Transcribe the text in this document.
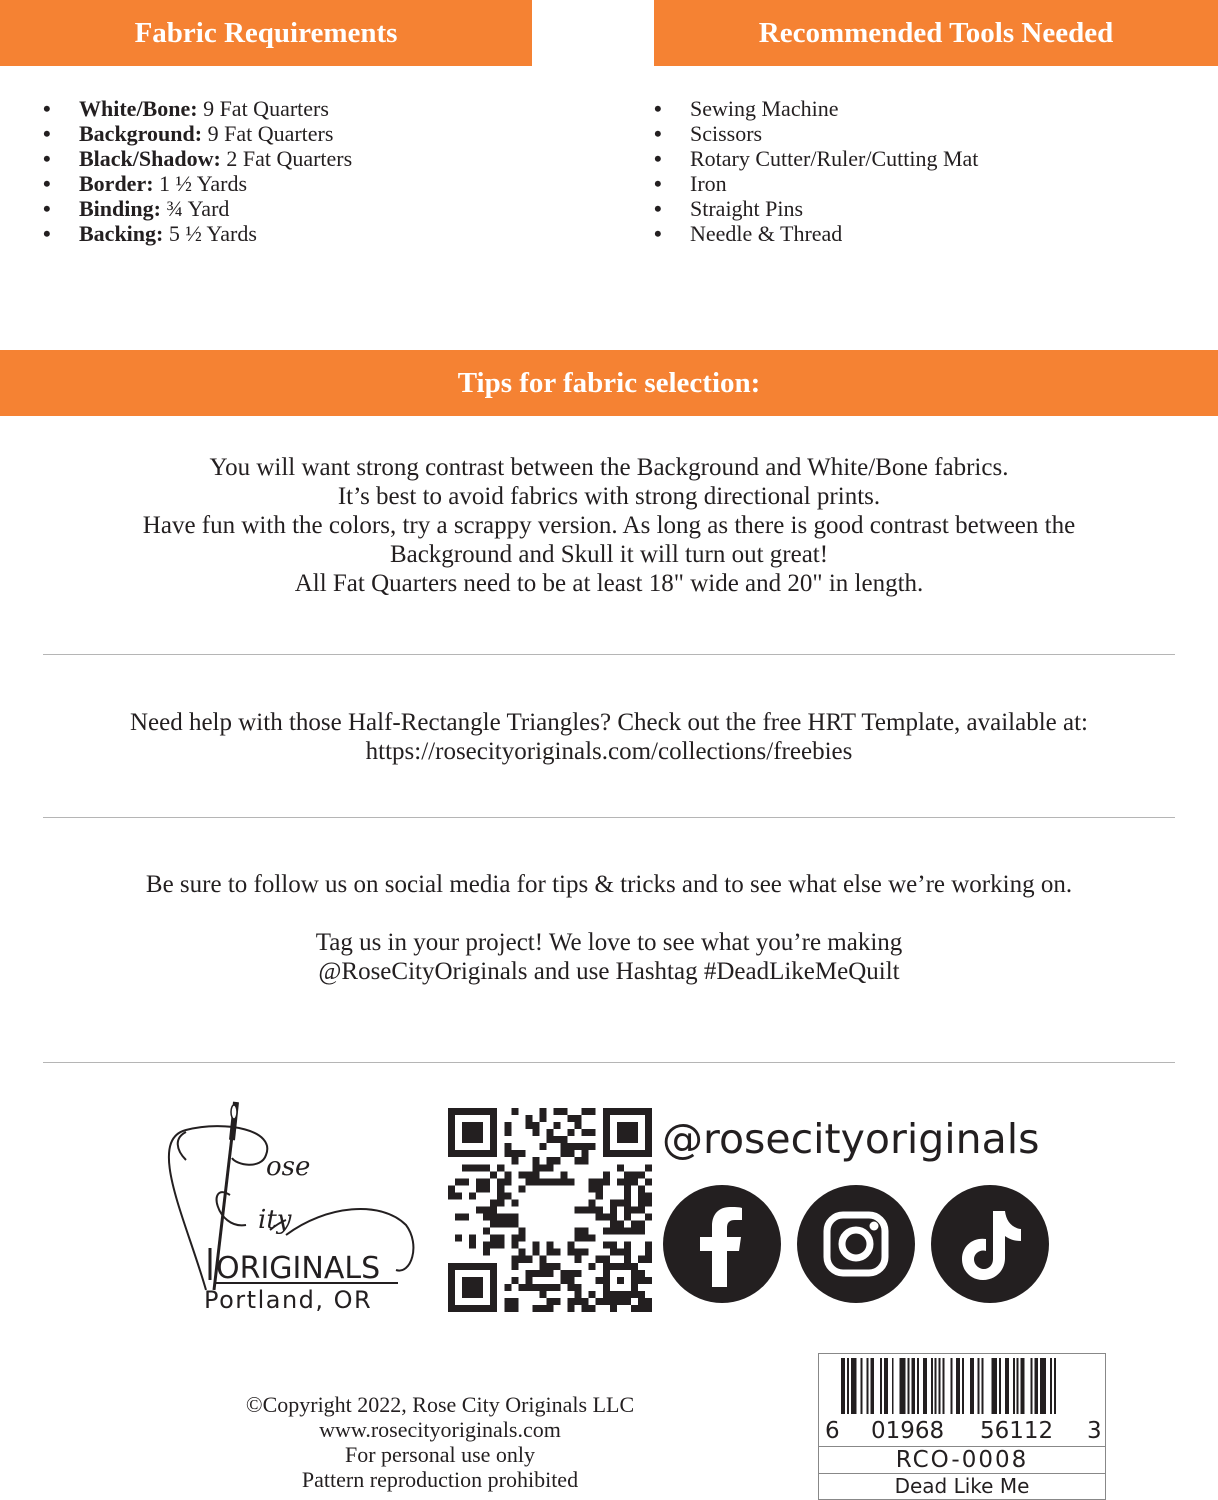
Fabric Requirements	Recommended Tools Needed
• White/Bone: 9 Fat Quarters
• Background: 9 Fat Quarters
• Black/Shadow: 2 Fat Quarters
• Border: 1 ½ Yards
• Binding: ¾ Yard
• Backing: 5 ½ Yards
• Sewing Machine
• Scissors
• Rotary Cutter/Ruler/Cutting Mat
• Iron
• Straight Pins
• Needle & Thread
Tips for fabric selection:
You will want strong contrast between the Background and White/Bone fabrics.
It’s best to avoid fabrics with strong directional prints.
Have fun with the colors, try a scrappy version. As long as there is good contrast between the
Background and Skull it will turn out great!
All Fat Quarters need to be at least 18" wide and 20" in length.
Need help with those Half-Rectangle Triangles? Check out the free HRT Template, available at:
https://rosecityoriginals.com/collections/freebies
Be sure to follow us on social media for tips & tricks and to see what else we’re working on.
Tag us in your project! We love to see what you’re making
@RoseCityOriginals and use Hashtag #DeadLikeMeQuilt
ose
ity
ORIGINALS
Portland, OR
@rosecityoriginals
©Copyright 2022, Rose City Originals LLC
www.rosecityoriginals.com
For personal use only
Pattern reproduction prohibited
6 01968 56112 3
RCO-0008
Dead Like Me
